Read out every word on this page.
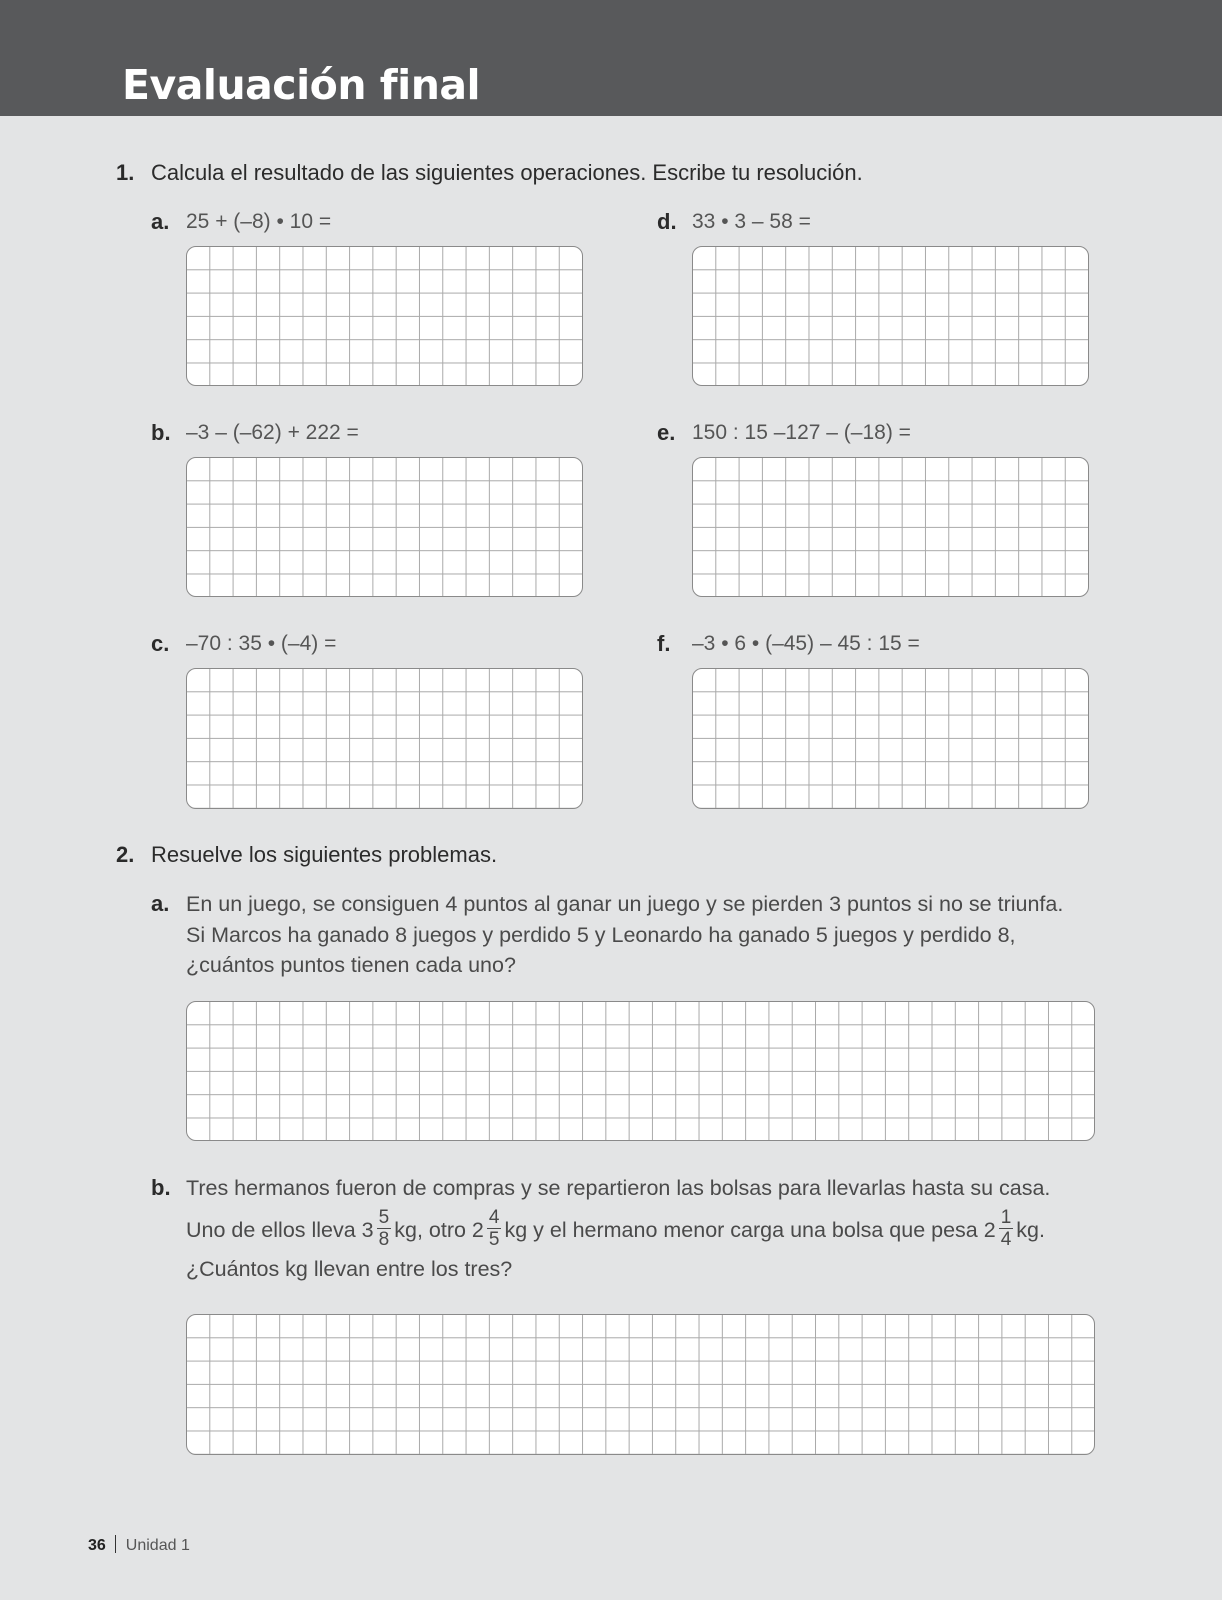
Evaluación final
1. Calcula el resultado de las siguientes operaciones. Escribe tu resolución.
a. 25 + (–8) • 10 =
b. –3 – (–62) + 222 =
c. –70 : 35 • (–4) =
d. 33 • 3 – 58 =
e. 150 : 15 –127 – (–18) =
f. –3 • 6 • (–45) – 45 : 15 =
2. Resuelve los siguientes problemas.
a. En un juego, se consiguen 4 puntos al ganar un juego y se pierden 3 puntos si no se triunfa.
Si Marcos ha ganado 8 juegos y perdido 5 y Leonardo ha ganado 5 juegos y perdido 8,
¿cuántos puntos tienen cada uno?
b. Tres hermanos fueron de compras y se repartieron las bolsas para llevarlas hasta su casa.
Uno de ellos lleva $3 \frac{5}{8}$ kg, otro $2 \frac{4}{5}$ kg y el hermano menor carga una bolsa que pesa $2 \frac{1}{4}$ kg.
¿Cuántos kg llevan entre los tres?
36 Unidad 1
